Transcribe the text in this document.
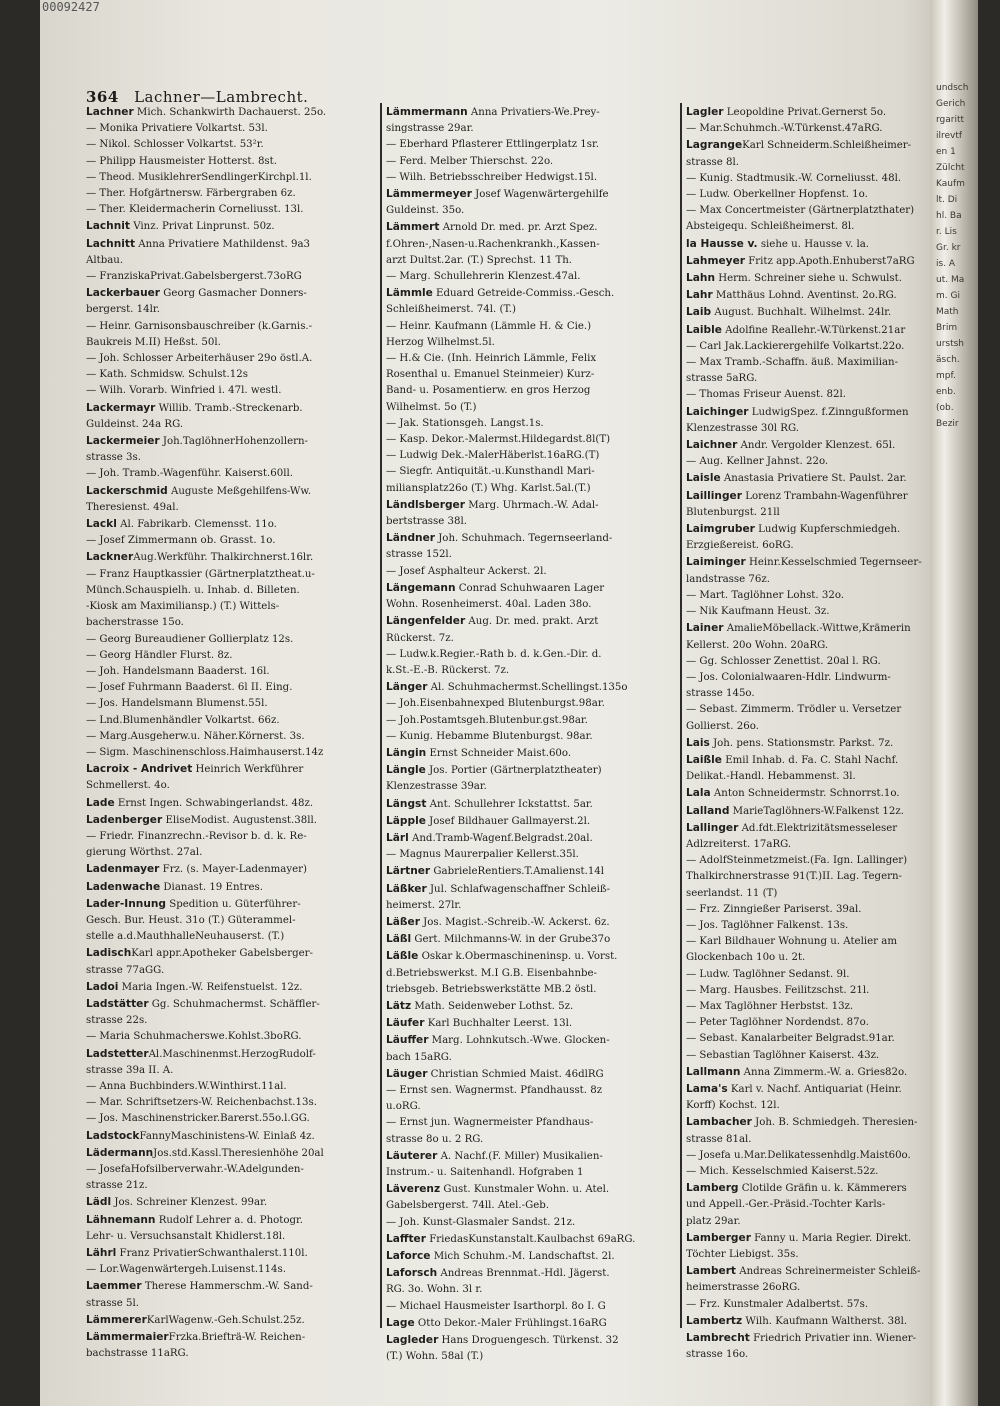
00092427
364 Lachner—Lambrecht.
Lachner Mich. Schankwirth Dachauerst. 25o.
— Monika Privatiere Volkartst. 53l.
— Nikol. Schlosser Volkartst. 53²r.
— Philipp Hausmeister Hotterst. 8st.
— Theod. MusiklehrerSendlingerKirchpl.1l.
— Ther. Hofgärtnersw. Färbergraben 6z.
— Ther. Kleidermacherin Corneliusst. 13l.
Lachnit Vinz. Privat Linprunst. 50z.
Lachnitt Anna Privatiere Mathildenst. 9a3
Altbau.
— FranziskaPrivat.Gabelsbergerst.73oRG
Lackerbauer Georg Gasmacher Donners-
bergerst. 14lr.
— Heinr. Garnisonsbauschreiber (k.Garnis.-
Baukreis M.II) Heßst. 50l.
— Joh. Schlosser Arbeiterhäuser 29o östl.A.
— Kath. Schmidsw. Schulst.12s
— Wilh. Vorarb. Winfried i. 47l. westl.
Lackermayr Willib. Tramb.-Streckenarb.
Guldeinst. 24a RG.
Lackermeier Joh.TaglöhnerHohenzollern-
strasse 3s.
— Joh. Tramb.-Wagenführ. Kaiserst.60ll.
Lackerschmid Auguste Meßgehilfens-Ww.
Theresienst. 49al.
Lackl Al. Fabrikarb. Clemensst. 11o.
— Josef Zimmermann ob. Grasst. 1o.
LacknerAug.Werkführ. Thalkirchnerst.16lr.
— Franz Hauptkassier (Gärtnerplatztheat.u-
Münch.Schauspielh. u. Inhab. d. Billeten.
-Kiosk am Maximiliansp.) (T.) Wittels-
bacherstrasse 15o.
— Georg Bureaudiener Gollierplatz 12s.
— Georg Händler Flurst. 8z.
— Joh. Handelsmann Baaderst. 16l.
— Josef Fuhrmann Baaderst. 6l II. Eing.
— Jos. Handelsmann Blumenst.55l.
— Lnd.Blumenhändler Volkartst. 66z.
— Marg.Ausgeherw.u. Näher.Körnerst. 3s.
— Sigm. Maschinenschloss.Haimhauserst.14z
Lacroix - Andrivet Heinrich Werkführer
Schmellerst. 4o.
Lade Ernst Ingen. Schwabingerlandst. 48z.
Ladenberger ElisеModist. Augustenst.38ll.
— Friedr. Finanzrechn.-Revisor b. d. k. Re-
gierung Wörthst. 27al.
Ladenmayer Frz. (s. Mayer-Ladenmayer)
Ladenwache Dianast. 19 Entres.
Lader-Innung Spedition u. Güterführer-
Gesch. Bur. Heust. 31o (T.) Güterammel-
stelle a.d.MauthhalleNeuhauserst. (T.)
LadischKarl appr.Apotheker Gabelsberger-
strasse 77aGG.
Ladoi Maria Ingen.-W. Reifenstuelst. 12z.
Ladstätter Gg. Schuhmachermst. Schäffler-
strasse 22s.
— Maria Schuhmacherswe.Kohlst.3boRG.
LadstetterAl.Maschinenmst.HerzogRudolf-
strasse 39a II. A.
— Anna Buchbinders.W.Winthirst.11al.
— Mar. Schriftsetzers-W. Reichenbachst.13s.
— Jos. Maschinenstricker.Barerst.55o.l.GG.
LadstockFannyMaschinistens-W. Einlaß 4z.
LädermannJos.std.Kassl.Theresienhöhe 20al
— JosefaHofsilberverwahr.-W.Adelgunden-
strasse 21z.
Lädl Jos. Schreiner Klenzest. 99ar.
Lähnemann Rudolf Lehrer a. d. Photogr.
Lehr- u. Versuchsanstalt Khidlerst.18l.
Lährl Franz PrivatierSchwanthalerst.110l.
— Lor.Wagenwärtergeh.Luisenst.114s.
Laemmer Therese Hammerschm.-W. Sand-
strasse 5l.
LämmererKarlWagenw.-Geh.Schulst.25z.
LämmermaierFrzka.Briefträ-W. Reichen-
bachstrasse 11aRG.
Lämmermann Anna Privatiers-We.Prey-
singstrasse 29ar.
— Eberhard Pflasterer Ettlingerplatz 1sr.
— Ferd. Melber Thierschst. 22o.
— Wilh. Betriebsschreiber Hedwigst.15l.
Lämmermeyer Josef Wagenwärtergehilfe
Guldeinst. 35o.
Lämmert Arnold Dr. med. pr. Arzt Spez.
f.Ohren-,Nasen-u.Rachenkrankh.,Kassen-
arzt Dultst.2ar. (T.) Sprechst. 11 Th.
— Marg. Schullehrerin Klenzest.47al.
Lämmle Eduard Getreide-Commiss.-Gesch.
Schleißheimerst. 74l. (T.)
— Heinr. Kaufmann (Lämmle H. & Cie.)
Herzog Wilhelmst.5l.
— H.& Cie. (Inh. Heinrich Lämmle, Felix
Rosenthal u. Emanuel Steinmeier) Kurz-
Band- u. Posamentierw. en gros Herzog
Wilhelmst. 5o (T.)
— Jak. Stationsgeh. Langst.1s.
— Kasp. Dekor.-Malermst.Hildegardst.8l(T)
— Ludwig Dek.-MalerHäberlst.16aRG.(T)
— Siegfr. Antiquität.-u.Kunsthandl Mari-
miliansplatz26o (T.) Whg. Karlst.5al.(T.)
Ländlsberger Marg. Uhrmach.-W. Adal-
bertstrasse 38l.
Ländner Joh. Schuhmach. Tegernseerland-
strasse 152l.
— Josef Asphalteur Ackerst. 2l.
Längemann Conrad Schuhwaaren Lager
Wohn. Rosenheimerst. 40al. Laden 38o.
Längenfelder Aug. Dr. med. prakt. Arzt
Rückerst. 7z.
— Ludw.k.Regier.-Rath b. d. k.Gen.-Dir. d.
k.St.-E.-B. Rückerst. 7z.
Länger Al. Schuhmachermst.Schellingst.135o
— Joh.Eisenbahnexped Blutenburgst.98ar.
— Joh.Postamtsgeh.Blutenbur.gst.98ar.
— Kunig. Hebamme Blutenburgst. 98ar.
Längin Ernst Schneider Maist.60o.
Längle Jos. Portier (Gärtnerplatztheater)
Klenzestrasse 39ar.
Längst Ant. Schullehrer Ickstattst. 5ar.
Läpple Josef Bildhauer Gallmayerst.2l.
Lärl And.Tramb-Wagenf.Belgradst.20al.
— Magnus Maurerpalier Kellerst.35l.
Lärtner GabrieleRentiers.T.Amalienst.14l
Läßker Jul. Schlafwagenschaffner Schleiß-
heimerst. 27lr.
Läßer Jos. Magist.-Schreib.-W. Ackerst. 6z.
Läßl Gert. Milchmanns-W. in der Grube37o
Läßle Oskar k.Obermaschineninsp. u. Vorst.
d.Betriebswerkst. M.I G.B. Eisenbahnbe-
triebsgeb. Betriebswerkstätte MB.2 östl.
Lätz Math. Seidenweber Lothst. 5z.
Läufer Karl Buchhalter Leerst. 13l.
Läuffer Marg. Lohnkutsch.-Wwe. Glocken-
bach 15aRG.
Läuger Christian Schmied Maist. 46dlRG
— Ernst sen. Wagnermst. Pfandhausst. 8z
u.oRG.
— Ernst jun. Wagnermeister Pfandhaus-
strasse 8o u. 2 RG.
Läuterer A. Nachf.(F. Miller) Musikalien-
Instrum.- u. Saitenhandl. Hofgraben 1
Läverenz Gust. Kunstmaler Wohn. u. Atel.
Gabelsbergerst. 74ll. Atel.-Geb.
— Joh. Kunst-Glasmaler Sandst. 21z.
Laffter FriedasKunstanstalt.Kaulbachst 69aRG.
Laforce Mich Schuhm.-M. Landschaftst. 2l.
Laforsch Andreas Brennmat.-Hdl. Jägerst.
RG. 3o. Wohn. 3l r.
— Michael Hausmeister Isarthorpl. 8o I. G
Lage Otto Dekor.-Maler Frühlingst.16aRG
Lagleder Hans Droguengesch. Türkenst. 32
(T.) Wohn. 58al (T.)
Lagler Leopoldine Privat.Gernerst 5o.
— Mar.Schuhmch.-W.Türkenst.47aRG.
LagrangeKarl Schneiderm.Schleißheimer-
strasse 8l.
— Kunig. Stadtmusik.-W. Corneliusst. 48l.
— Ludw. Oberkellner Hopfenst. 1o.
— Max Concertmeister (Gärtnerplatzthater)
Absteigequ. Schleißheimerst. 8l.
la Hausse v. siehe u. Hausse v. la.
Lahmeyer Fritz app.Apoth.Enhuberst7aRG
Lahn Herm. Schreiner siehe u. Schwulst.
Lahr Matthäus Lohnd. Aventinst. 2o.RG.
Laib August. Buchhalt. Wilhelmst. 24lr.
Laible Adolfine Reallehr.-W.Türkenst.21ar
— Carl Jak.Lackierergehilfe Volkartst.22o.
— Max Tramb.-Schaffn. äuß. Maximilian-
strasse 5aRG.
— Thomas Friseur Auenst. 82l.
Laichinger LudwigSpez. f.Zinngußformen
Klenzestrasse 30l RG.
Laichner Andr. Vergolder Klenzest. 65l.
— Aug. Kellner Jahnst. 22o.
Laisle Anastasia Privatiere St. Paulst. 2ar.
Laillinger Lorenz Trambahn-Wagenführer
Blutenburgst. 21ll
Laimgruber Ludwig Kupferschmiedgeh.
Erzgießereist. 6oRG.
Laiminger Heinr.Kesselschmied Tegernseer-
landstrasse 76z.
— Mart. Taglöhner Lohst. 32o.
— Nik Kaufmann Heust. 3z.
Lainer AmalieMöbellack.-Wittwe,Krämerin
Kellerst. 20o Wohn. 20aRG.
— Gg. Schlosser Zenettist. 20al l. RG.
— Jos. Colonialwaaren-Hdlr. Lindwurm-
strasse 145o.
— Sebast. Zimmerm. Trödler u. Versetzer
Gollierst. 26o.
Lais Joh. pens. Stationsmstr. Parkst. 7z.
Laißle Emil Inhab. d. Fa. C. Stahl Nachf.
Delikat.-Handl. Hebammenst. 3l.
Lala Anton Schneidermstr. Schnorrst.1o.
Lalland MarieTaglöhners-W.Falkenst 12z.
Lallinger Ad.fdt.Elektrizitätsmesseleser
Adlzreiterst. 17aRG.
— AdolfSteinmetzmeist.(Fa. Ign. Lallinger)
Thalkirchnerstrasse 91(T.)II. Lag. Tegern-
seerlandst. 11 (T)
— Frz. Zinngießer Pariserst. 39al.
— Jos. Taglöhner Falkenst. 13s.
— Karl Bildhauer Wohnung u. Atelier am
Glockenbach 10o u. 2t.
— Ludw. Taglöhner Sedanst. 9l.
— Marg. Hausbes. Feilitzschst. 21l.
— Max Taglöhner Herbstst. 13z.
— Peter Taglöhner Nordendst. 87o.
— Sebast. Kanalarbeiter Belgradst.91ar.
— Sebastian Taglöhner Kaiserst. 43z.
Lallmann Anna Zimmerm.-W. a. Gries82o.
Lama's Karl v. Nachf. Antiquariat (Heinr.
Korff) Kochst. 12l.
Lambacher Joh. B. Schmiedgeh. Theresien-
strasse 81al.
— Josefa u.Mar.Delikatessenhdlg.Maist60o.
— Mich. Kesselschmied Kaiserst.52z.
Lamberg Clotilde Gräfin u. k. Kämmerers
und Appell.-Ger.-Präsid.-Tochter Karls-
platz 29ar.
Lamberger Fanny u. Maria Regier. Direkt.
Töchter Liebigst. 35s.
Lambert Andreas Schreinermeister Schleiß-
heimerstrasse 26oRG.
— Frz. Kunstmaler Adalbertst. 57s.
Lambertz Wilh. Kaufmann Waltherst. 38l.
Lambrecht Friedrich Privatier inn. Wiener-
strasse 16o.
undsch
Gerich
rgaritt
ilrevtf
en 1
Zülcht
Kaufm
lt. Di
hl. Ba
r. Lis
Gr. kr
is. A
ut. Ma
m. Gi
Math
Brim
urstsh
äsch.
mpf.
enb.
(ob.
Bezir
